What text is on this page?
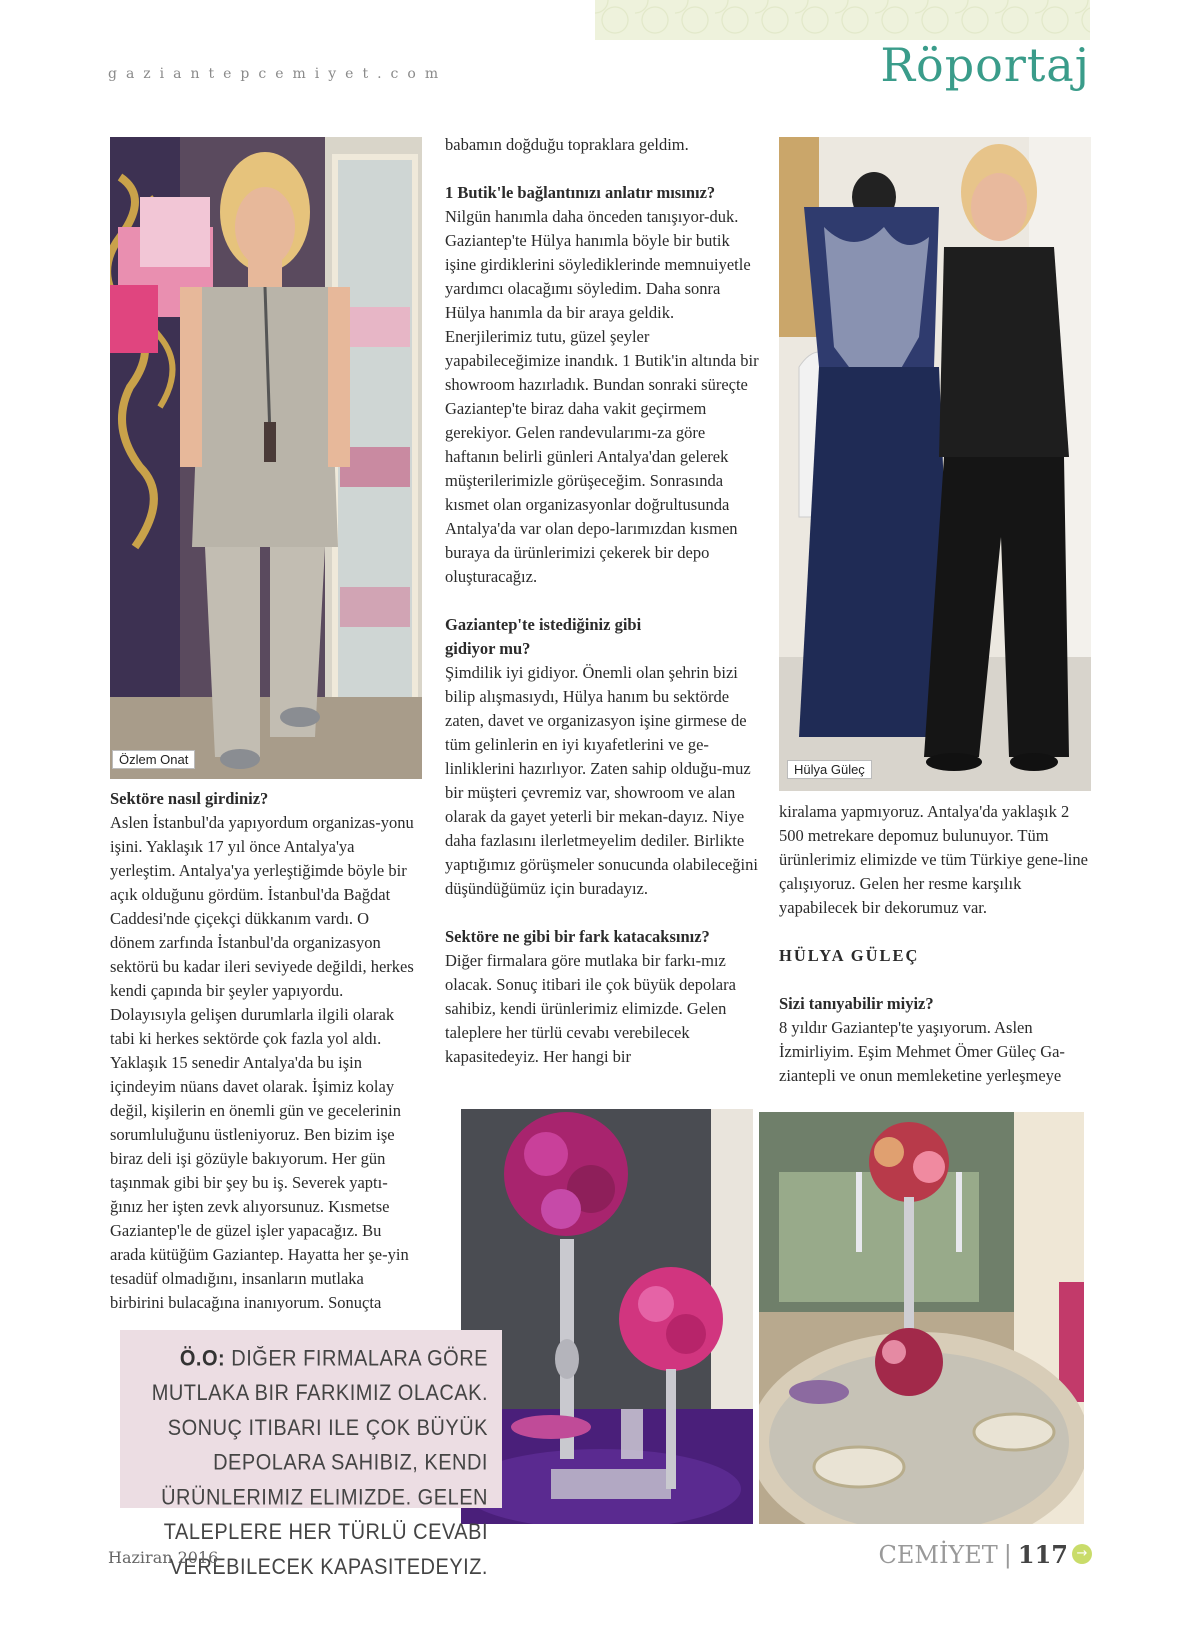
gaziantepcemiyet.com	Röportaj
Özlem Onat
Hülya Güleç

Sektöre nasıl girdiniz?

Aslen İstanbul'da yapıyordum organizas-yonu işini. Yaklaşık 17 yıl önce Antalya'ya yerleştim. Antalya'ya yerleştiğimde böyle bir açık olduğunu gördüm. İstanbul'da Bağdat Caddesi'nde çiçekçi dükkanım vardı. O dönem zarfında İstanbul'da organizasyon sektörü bu kadar ileri seviyede değildi, herkes kendi çapında bir şeyler yapıyordu. Dolayısıyla gelişen durumlarla ilgili olarak tabi ki herkes sektörde çok fazla yol aldı. Yaklaşık 15 senedir Antalya'da bu işin içindeyim nüans davet olarak. İşimiz kolay değil, kişilerin en önemli gün ve gecelerinin sorumluluğunu üstleniyoruz. Ben bizim işe biraz deli işi gözüyle bakıyorum. Her gün taşınmak gibi bir şey bu iş. Severek yaptı-ğınız her işten zevk alıyorsunuz. Kısmetse Gaziantep'le de güzel işler yapacağız. Bu arada kütüğüm Gaziantep. Hayatta her şe-yin tesadüf olmadığını, insanların mutlaka birbirini bulacağına inanıyorum. Sonuçta

babamın doğduğu topraklara geldim.

1 Butik'le bağlantınızı anlatır mısınız?

Nilgün hanımla daha önceden tanışıyor-duk. Gaziantep'te Hülya hanımla böyle bir butik işine girdiklerini söylediklerinde memnuiyetle yardımcı olacağımı söyledim. Daha sonra Hülya hanımla da bir araya geldik. Enerjilerimiz tutu, güzel şeyler yapabileceğimize inandık. 1 Butik'in altında bir showroom hazırladık. Bundan sonraki süreçte Gaziantep'te biraz daha vakit geçirmem gerekiyor. Gelen randevularımı-za göre haftanın belirli günleri Antalya'dan gelerek müşterilerimizle görüşeceğim. Sonrasında kısmet olan organizasyonlar doğrultusunda Antalya'da var olan depo-larımızdan kısmen buraya da ürünlerimizi çekerek bir depo oluşturacağız.

Gaziantep'te istediğiniz gibi gidiyor mu?

Şimdilik iyi gidiyor. Önemli olan şehrin bizi bilip alışmasıydı, Hülya hanım bu sektörde zaten, davet ve organizasyon işine girmese de tüm gelinlerin en iyi kıyafetlerini ve ge-linliklerini hazırlıyor. Zaten sahip olduğu-muz bir müşteri çevremiz var, showroom ve alan olarak da gayet yeterli bir mekan-dayız. Niye daha fazlasını ilerletmeyelim dediler. Birlikte yaptığımız görüşmeler sonucunda olabileceğini düşündüğümüz için buradayız.

Sektöre ne gibi bir fark katacaksınız?

Diğer firmalara göre mutlaka bir farkı-mız olacak. Sonuç itibari ile çok büyük depolara sahibiz, kendi ürünlerimiz elimizde. Gelen taleplere her türlü cevabı verebilecek kapasitedeyiz. Her hangi bir

kiralama yapmıyoruz. Antalya'da yaklaşık 2 500 metrekare depomuz bulunuyor. Tüm ürünlerimiz elimizde ve tüm Türkiye gene-line çalışıyoruz. Gelen her resme karşılık yapabilecek bir dekorumuz var.

HÜLYA GÜLEÇ

Sizi tanıyabilir miyiz?

8 yıldır Gaziantep'te yaşıyorum. Aslen İzmirliyim. Eşim Mehmet Ömer Güleç Ga-ziantepli ve onun memleketine yerleşmeye

Ö.O: DIĞER FIRMALARA GÖRE MUTLAKA BIR FARKIMIZ OLACAK. SONUÇ ITIBARI ILE ÇOK BÜYÜK DEPOLARA SAHIBIZ, KENDI ÜRÜNLERIMIZ ELIMIZDE. GELEN TALEPLERE HER TÜRLÜ CEVABI VEREBILECEK KAPASITEDEYIZ.
Haziran 2016	CEMİYET | 117 →
